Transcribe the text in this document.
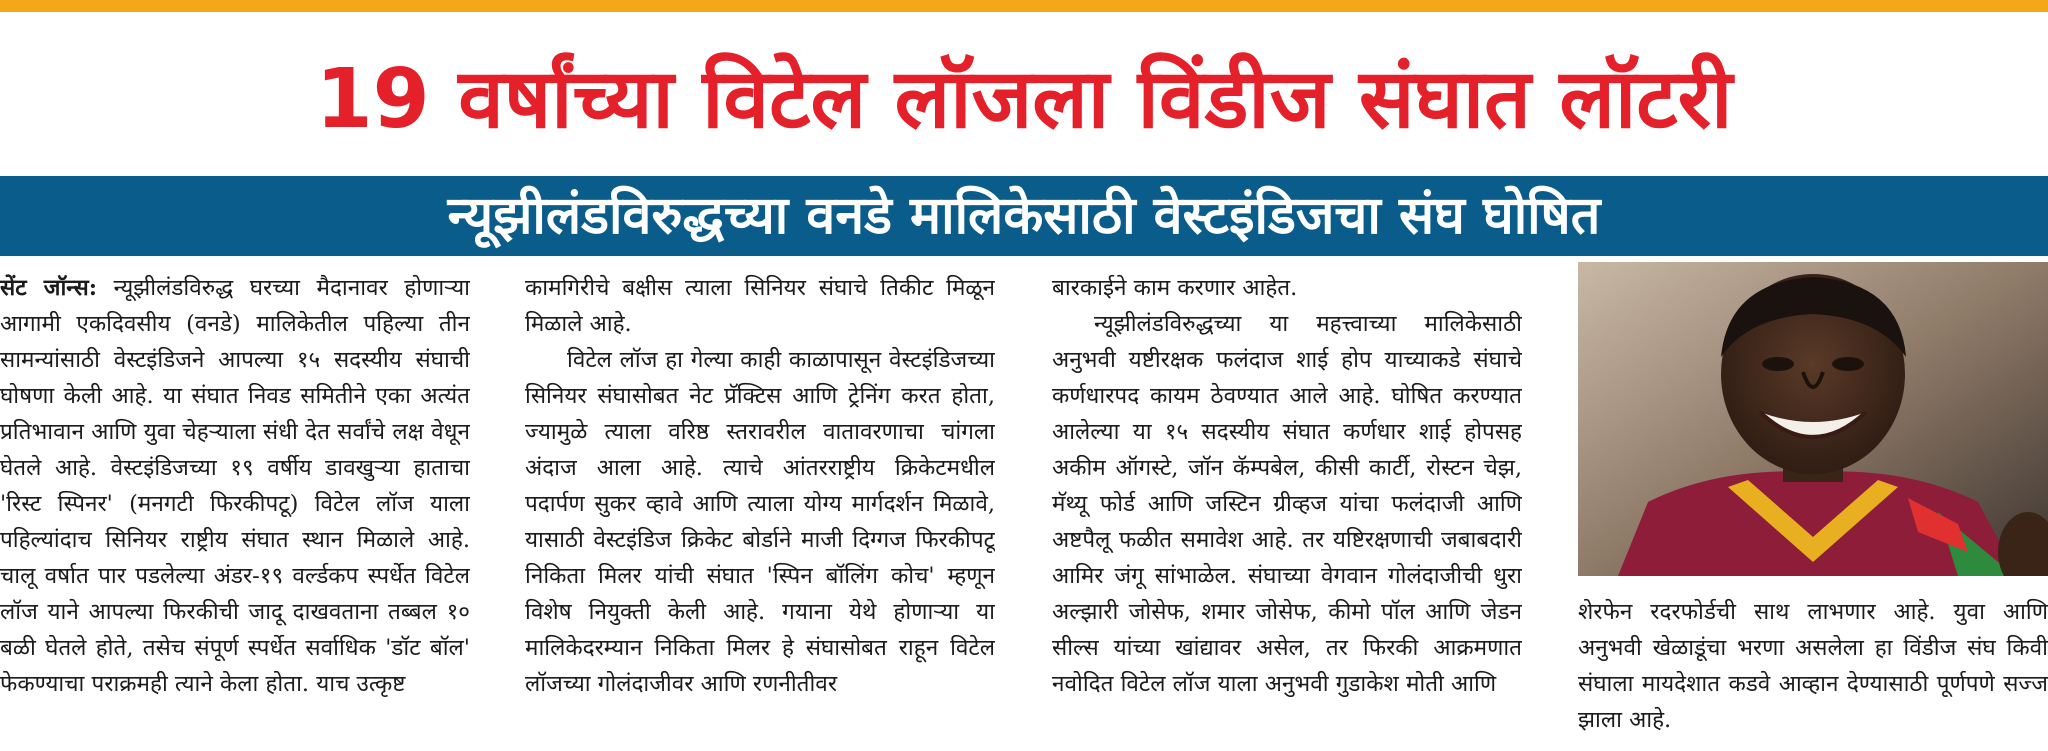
19 वर्षांच्या विटेल लॉजला विंडीज संघात लॉटरी
न्यूझीलंडविरुद्धच्या वनडे मालिकेसाठी वेस्टइंडिजचा संघ घोषित

सेंट जॉन्स: न्यूझीलंडविरुद्ध घरच्या मैदानावर होणाऱ्या आगामी एकदिवसीय (वनडे) मालिकेतील पहिल्या तीन सामन्यांसाठी वेस्टइंडिजने आपल्या १५ सदस्यीय संघाची घोषणा केली आहे. या संघात निवड समितीने एका अत्यंत प्रतिभावान आणि युवा चेहऱ्याला संधी देत सर्वांचे लक्ष वेधून घेतले आहे. वेस्टइंडिजच्या १९ वर्षीय डावखुऱ्या हाताचा 'रिस्ट स्पिनर' (मनगटी फिरकीपटू) विटेल लॉज याला पहिल्यांदाच सिनियर राष्ट्रीय संघात स्थान मिळाले आहे. चालू वर्षात पार पडलेल्या अंडर-१९ वर्ल्डकप स्पर्धेत विटेल लॉज याने आपल्या फिरकीची जादू दाखवताना तब्बल १० बळी घेतले होते, तसेच संपूर्ण स्पर्धेत सर्वाधिक 'डॉट बॉल' फेकण्याचा पराक्रमही त्याने केला होता. याच उत्कृष्ट

कामगिरीचे बक्षीस त्याला सिनियर संघाचे तिकीट मिळून मिळाले आहे.

विटेल लॉज हा गेल्या काही काळापासून वेस्टइंडिजच्या सिनियर संघासोबत नेट प्रॅक्टिस आणि ट्रेनिंग करत होता, ज्यामुळे त्याला वरिष्ठ स्तरावरील वातावरणाचा चांगला अंदाज आला आहे. त्याचे आंतरराष्ट्रीय क्रिकेटमधील पदार्पण सुकर व्हावे आणि त्याला योग्य मार्गदर्शन मिळावे, यासाठी वेस्टइंडिज क्रिकेट बोर्डाने माजी दिग्गज फिरकीपटू निकिता मिलर यांची संघात 'स्पिन बॉलिंग कोच' म्हणून विशेष नियुक्ती केली आहे. गयाना येथे होणाऱ्या या मालिकेदरम्यान निकिता मिलर हे संघासोबत राहून विटेल लॉजच्या गोलंदाजीवर आणि रणनीतीवर

बारकाईने काम करणार आहेत.

न्यूझीलंडविरुद्धच्या या महत्त्वाच्या मालिकेसाठी अनुभवी यष्टीरक्षक फलंदाज शाई होप याच्याकडे संघाचे कर्णधारपद कायम ठेवण्यात आले आहे. घोषित करण्यात आलेल्या या १५ सदस्यीय संघात कर्णधार शाई होपसह अकीम ऑगस्टे, जॉन कॅम्पबेल, कीसी कार्टी, रोस्टन चेझ, मॅथ्यू फोर्ड आणि जस्टिन ग्रीव्हज यांचा फलंदाजी आणि अष्टपैलू फळीत समावेश आहे. तर यष्टिरक्षणाची जबाबदारी आमिर जंगू सांभाळेल. संघाच्या वेगवान गोलंदाजीची धुरा अल्झारी जोसेफ, शमार जोसेफ, कीमो पॉल आणि जेडन सील्स यांच्या खांद्यावर असेल, तर फिरकी आक्रमणात नवोदित विटेल लॉज याला अनुभवी गुडाकेश मोती आणि

शेरफेन रदरफोर्डची साथ लाभणार आहे. युवा आणि अनुभवी खेळाडूंचा भरणा असलेला हा विंडीज संघ किवी संघाला मायदेशात कडवे आव्हान देण्यासाठी पूर्णपणे सज्ज झाला आहे.
